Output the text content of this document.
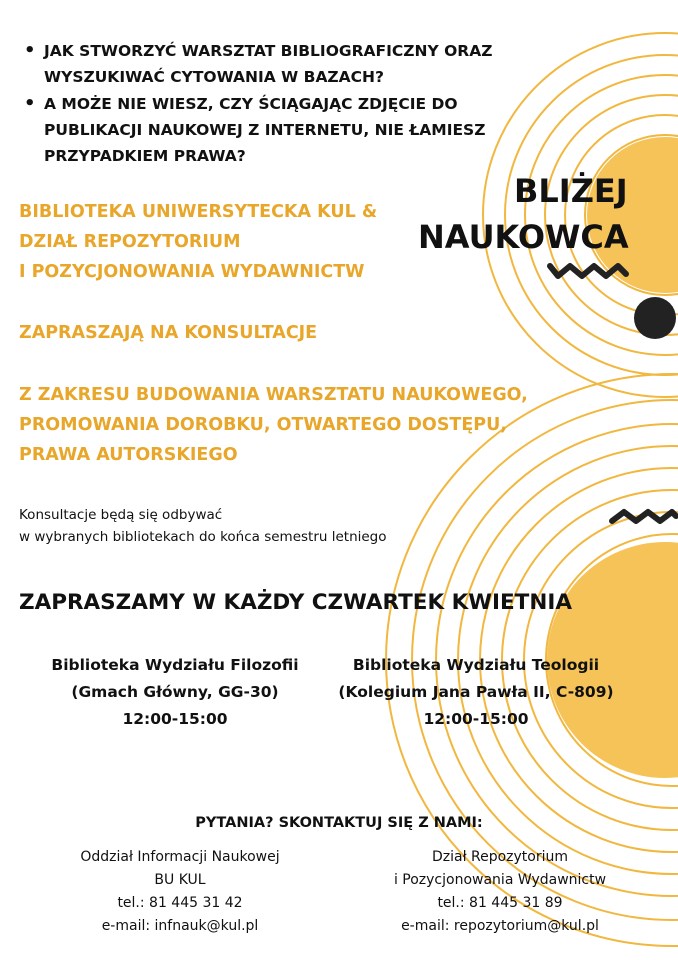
• JAK STWORZYĆ WARSZTAT BIBLIOGRAFICZNY ORAZ WYSZUKIWAĆ CYTOWANIA W BAZACH?
• A MOŻE NIE WIESZ, CZY ŚCIĄGAJĄC ZDJĘCIE DO PUBLIKACJI NAUKOWEJ Z INTERNETU, NIE ŁAMIESZ PRZYPADKIEM PRAWA?
BLIŻEJ
NAUKOWCA
BIBLIOTEKA UNIWERSYTECKA KUL &
DZIAŁ REPOZYTORIUM
I POZYCJONOWANIA WYDAWNICTW
ZAPRASZAJĄ NA KONSULTACJE
Z ZAKRESU BUDOWANIA WARSZTATU NAUKOWEGO,
PROMOWANIA DOROBKU, OTWARTEGO DOSTĘPU,
PRAWA AUTORSKIEGO
Konsultacje będą się odbywać
w wybranych bibliotekach do końca semestru letniego
ZAPRASZAMY W KAŻDY CZWARTEK KWIETNIA
Biblioteka Wydziału Filozofii
(Gmach Główny, GG-30)
12:00-15:00
Biblioteka Wydziału Teologii
(Kolegium Jana Pawła II, C-809)
12:00-15:00
PYTANIA? SKONTAKTUJ SIĘ Z NAMI:
Oddział Informacji Naukowej
BU KUL
tel.: 81 445 31 42
e-mail: infnauk@kul.pl
Dział Repozytorium
i Pozycjonowania Wydawnictw
tel.: 81 445 31 89
e-mail: repozytorium@kul.pl
